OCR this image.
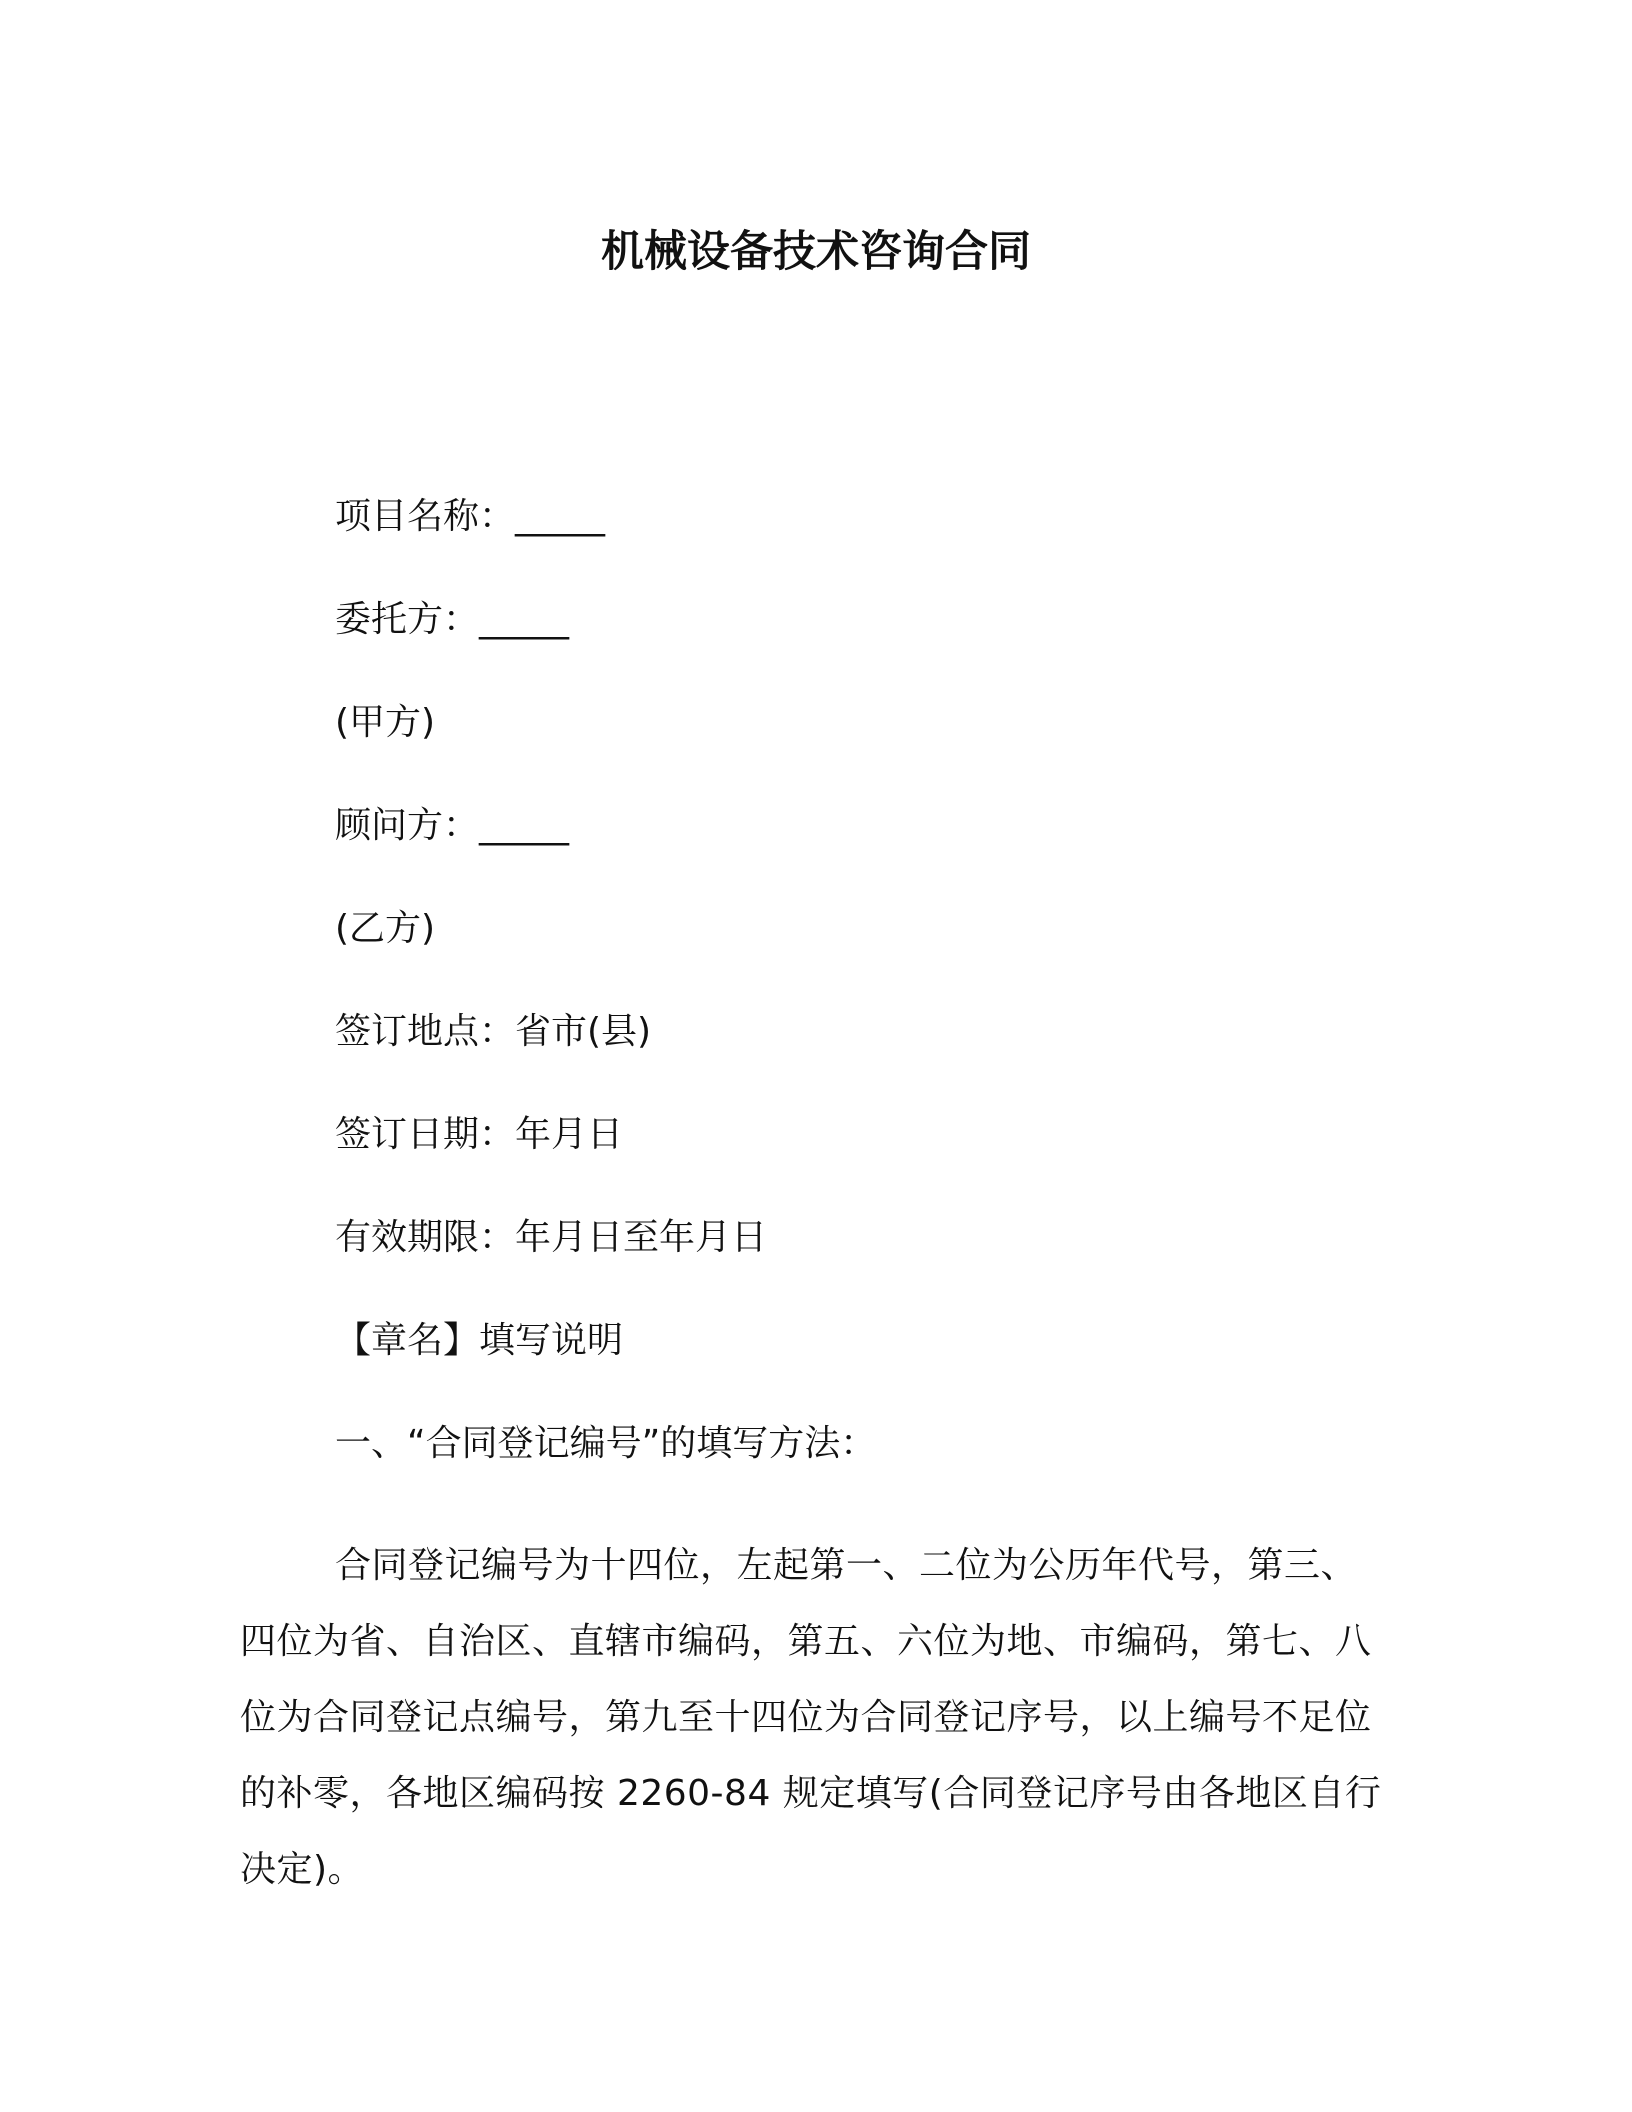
机械设备技术咨询合同
项目名称：_____
委托方：_____
(甲方)
顾问方：_____
(乙方)
签订地点：省市(县)
签订日期：年月日
有效期限：年月日至年月日
【章名】填写说明
一、“合同登记编号”的填写方法：
合同登记编号为十四位，左起第一、二位为公历年代号，第三、四位为省、自治区、直辖市编码，第五、六位为地、市编码，第七、八位为合同登记点编号，第九至十四位为合同登记序号，以上编号不足位的补零，各地区编码按 2260-84 规定填写(合同登记序号由各地区自行决定)。
